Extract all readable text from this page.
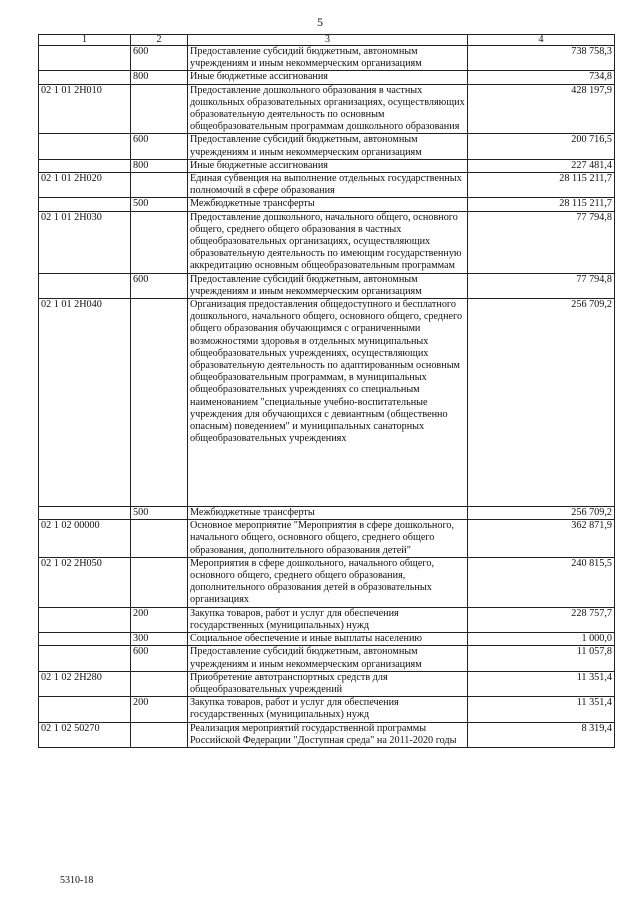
5
1	2	3	4
	600	Предоставление субсидий бюджетным, автономным учреждениям и иным некоммерческим организациям	738 758,3
	800	Иные бюджетные ассигнования	734,8
02 1 01 2Н010		Предоставление дошкольного образования в частных дошкольных образовательных организациях, осуществляющих образовательную деятельность по основным общеобразовательным программам дошкольного образования	428 197,9
	600	Предоставление субсидий бюджетным, автономным учреждениям и иным некоммерческим организациям	200 716,5
	800	Иные бюджетные ассигнования	227 481,4
02 1 01 2Н020		Единая субвенция на выполнение отдельных государственных полномочий в сфере образования	28 115 211,7
	500	Межбюджетные трансферты	28 115 211,7
02 1 01 2Н030		Предоставление дошкольного, начального общего, основного общего, среднего общего образования в частных общеобразовательных организациях, осуществляющих образовательную деятельность по имеющим государственную аккредитацию основным общеобразовательным программам	77 794,8
	600	Предоставление субсидий бюджетным, автономным учреждениям и иным некоммерческим организациям	77 794,8
02 1 01 2Н040		Организация предоставления общедоступного и бесплатного дошкольного, начального общего, основного общего, среднего общего образования обучающимся с ограниченными возможностями здоровья в отдельных муниципальных общеобразовательных учреждениях, осуществляющих образовательную деятельность по адаптированным основным общеобразовательным программам, в муниципальных общеобразовательных учреждениях со специальным наименованием "специальные учебно-воспитательные учреждения для обучающихся с девиантным (общественно опасным) поведением" и муниципальных санаторных общеобразовательных учреждениях	256 709,2
	500	Межбюджетные трансферты	256 709,2
02 1 02 00000		Основное мероприятие "Мероприятия в сфере дошкольного, начального общего, основного общего, среднего общего образования, дополнительного образования детей"	362 871,9
02 1 02 2Н050		Мероприятия в сфере дошкольного, начального общего, основного общего, среднего общего образования, дополнительного образования детей в образовательных организациях	240 815,5
	200	Закупка товаров, работ и услуг для обеспечения государственных (муниципальных) нужд	228 757,7
	300	Социальное обеспечение и иные выплаты населению	1 000,0
	600	Предоставление субсидий бюджетным, автономным учреждениям и иным некоммерческим организациям	11 057,8
02 1 02 2Н280		Приобретение автотранспортных средств для общеобразовательных учреждений	11 351,4
	200	Закупка товаров, работ и услуг для обеспечения государственных (муниципальных) нужд	11 351,4
02 1 02 50270		Реализация мероприятий государственной программы Российской Федерации "Доступная среда" на 2011-2020 годы	8 319,4
5310-18
